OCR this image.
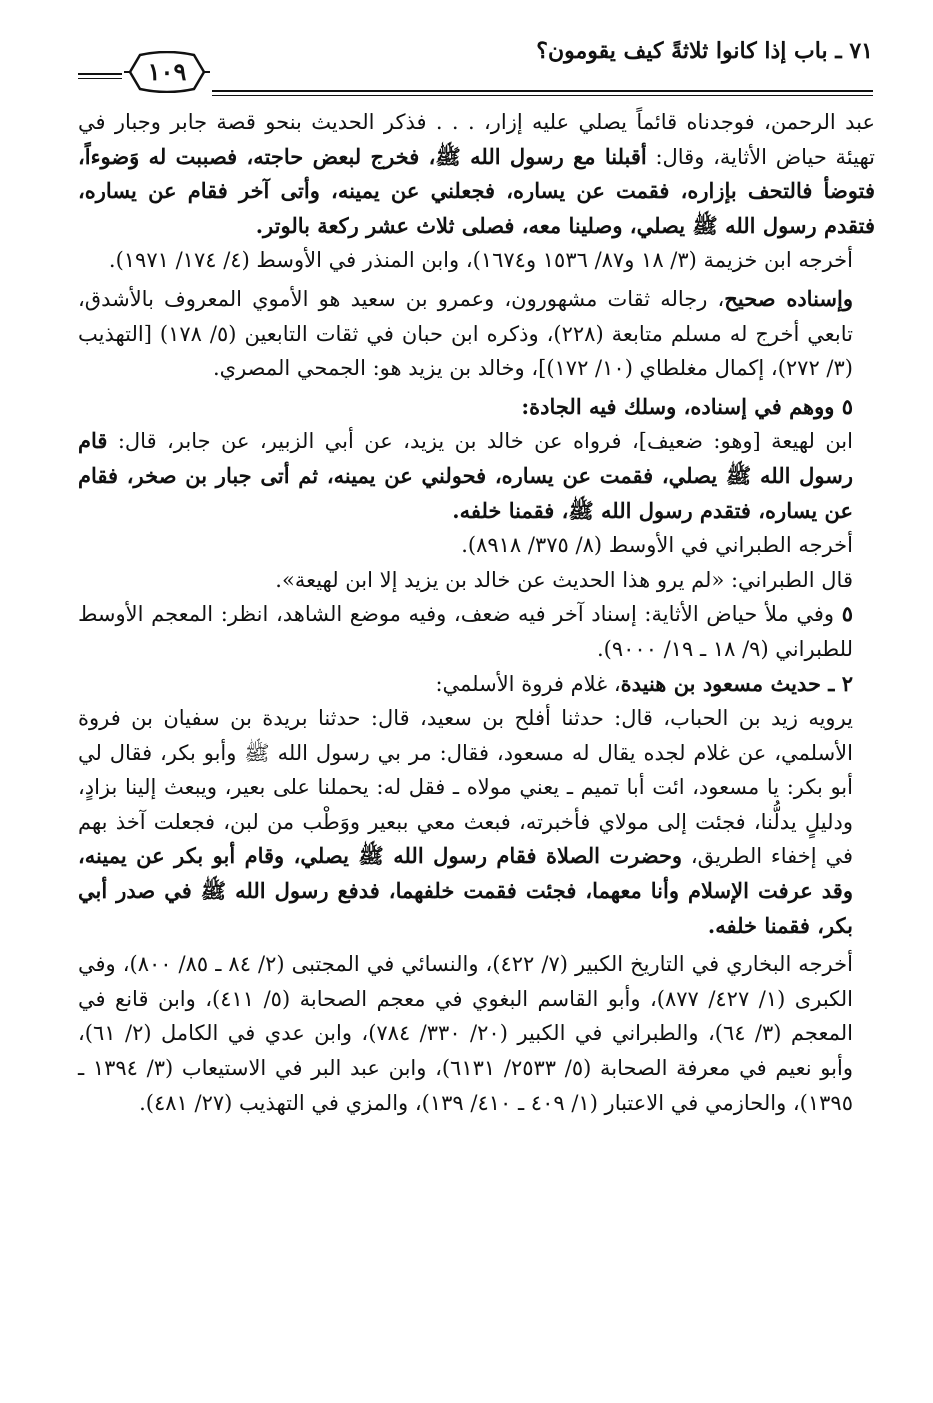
٧١ ـ باب إذا كانوا ثلاثةً كيف يقومون؟
١٠٩

عبد الرحمن، فوجدناه قائماً يصلي عليه إزار، . . . فذكر الحديث بنحو قصة جابر وجبار في تهيئة حياض الأثاية، وقال: أقبلنا مع رسول الله ﷺ، فخرج لبعض حاجته، فصببت له وَضوءاً، فتوضأ فالتحف بإزاره، فقمت عن يساره، فجعلني عن يمينه، وأتى آخر فقام عن يساره، فتقدم رسول الله ﷺ يصلي، وصلينا معه، فصلى ثلاث عشر ركعة بالوتر.

أخرجه ابن خزيمة (٣/ ١٨ و٨٧/ ١٥٣٦ و١٦٧٤)، وابن المنذر في الأوسط (٤/ ١٧٤/ ١٩٧١).

وإسناده صحيح، رجاله ثقات مشهورون، وعمرو بن سعيد هو الأموي المعروف بالأشدق، تابعي أخرج له مسلم متابعة (٢٢٨)، وذكره ابن حبان في ثقات التابعين (٥/ ١٧٨) [التهذيب (٣/ ٢٧٢)، إكمال مغلطاي (١٠/ ١٧٢)]، وخالد بن يزيد هو: الجمحي المصري.

٥ ووهم في إسناده، وسلك فيه الجادة:

ابن لهيعة [وهو: ضعيف]، فرواه عن خالد بن يزيد، عن أبي الزبير، عن جابر، قال: قام رسول الله ﷺ يصلي، فقمت عن يساره، فحولني عن يمينه، ثم أتى جبار بن صخر، فقام عن يساره، فتقدم رسول الله ﷺ، فقمنا خلفه.

أخرجه الطبراني في الأوسط (٨/ ٣٧٥/ ٨٩١٨).

قال الطبراني: «لم يرو هذا الحديث عن خالد بن يزيد إلا ابن لهيعة».

٥ وفي ملأ حياض الأثاية: إسناد آخر فيه ضعف، وفيه موضع الشاهد، انظر: المعجم الأوسط للطبراني (٩/ ١٨ ـ ١٩/ ٩٠٠٠).

٢ ـ حديث مسعود بن هنيدة، غلام فروة الأسلمي:

يرويه زيد بن الحباب، قال: حدثنا أفلح بن سعيد، قال: حدثنا بريدة بن سفيان بن فروة الأسلمي، عن غلام لجده يقال له مسعود، فقال: مر بي رسول الله ﷺ وأبو بكر، فقال لي أبو بكر: يا مسعود، ائت أبا تميم ـ يعني مولاه ـ فقل له: يحملنا على بعير، ويبعث إلينا بزادٍ، ودليلٍ يدلُّنا، فجئت إلى مولاي فأخبرته، فبعث معي ببعير ووَطْب من لبن، فجعلت آخذ بهم في إخفاء الطريق، وحضرت الصلاة فقام رسول الله ﷺ يصلي، وقام أبو بكر عن يمينه، وقد عرفت الإسلام وأنا معهما، فجئت فقمت خلفهما، فدفع رسول الله ﷺ في صدر أبي بكر، فقمنا خلفه.

أخرجه البخاري في التاريخ الكبير (٧/ ٤٢٢)، والنسائي في المجتبى (٢/ ٨٤ ـ ٨٥/ ٨٠٠)، وفي الكبرى (١/ ٤٢٧/ ٨٧٧)، وأبو القاسم البغوي في معجم الصحابة (٥/ ٤١١)، وابن قانع في المعجم (٣/ ٦٤)، والطبراني في الكبير (٢٠/ ٣٣٠/ ٧٨٤)، وابن عدي في الكامل (٢/ ٦١)، وأبو نعيم في معرفة الصحابة (٥/ ٢٥٣٣/ ٦١٣١)، وابن عبد البر في الاستيعاب (٣/ ١٣٩٤ ـ ١٣٩٥)، والحازمي في الاعتبار (١/ ٤٠٩ ـ ٤١٠/ ١٣٩)، والمزي في التهذيب (٢٧/ ٤٨١).
